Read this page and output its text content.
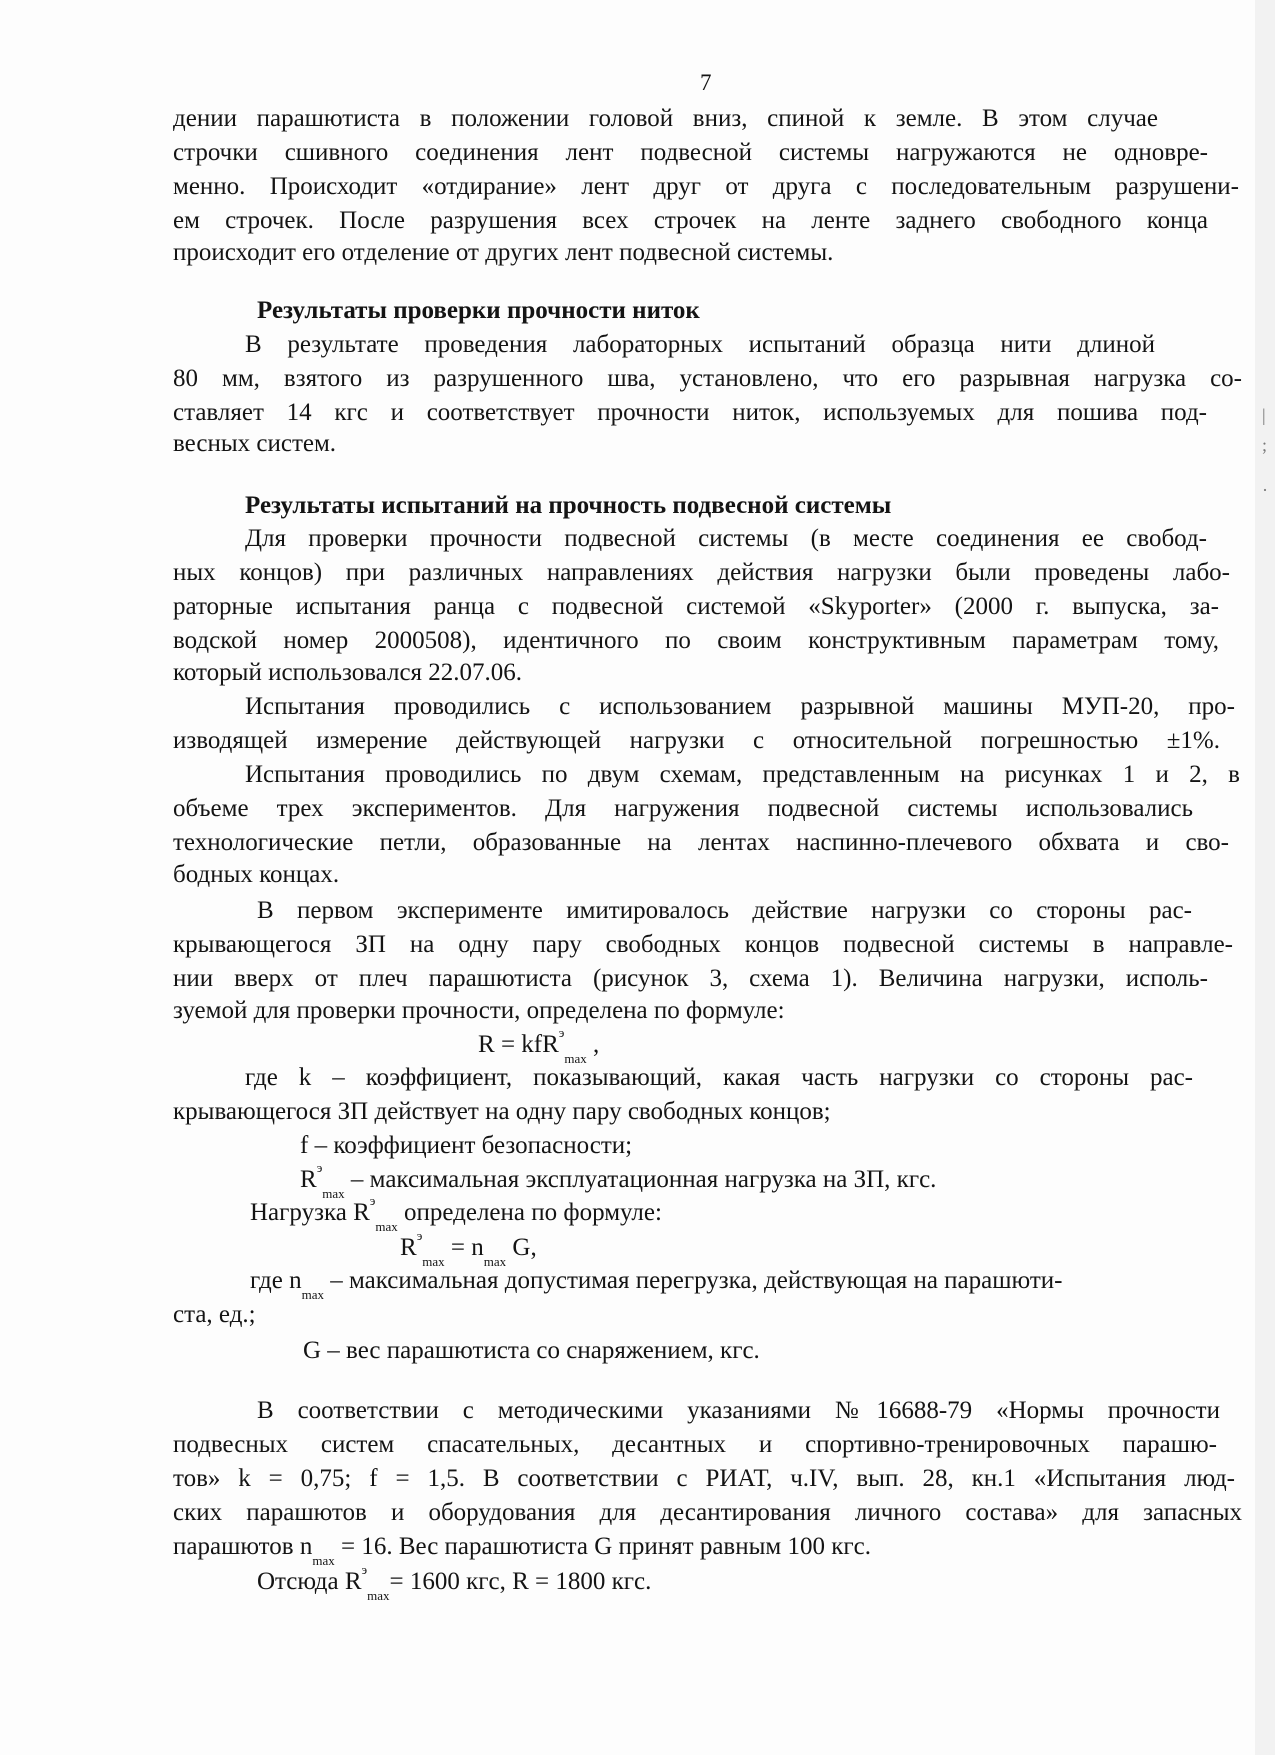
7
дении парашютиста в положении головой вниз, спиной к земле. В этом случае
строчки сшивного соединения лент подвесной системы нагружаются не одновре-
менно. Происходит «отдирание» лент друг от друга с последовательным разрушени-
ем строчек. После разрушения всех строчек на ленте заднего свободного конца
происходит его отделение от других лент подвесной системы.
Результаты проверки прочности ниток
В результате проведения лабораторных испытаний образца нити длиной
80 мм, взятого из разрушенного шва, установлено, что его разрывная нагрузка со-
ставляет 14 кгс и соответствует прочности ниток, используемых для пошива под-
весных систем.
Результаты испытаний на прочность подвесной системы
Для проверки прочности подвесной системы (в месте соединения ее свобод-
ных концов) при различных направлениях действия нагрузки были проведены лабо-
раторные испытания ранца с подвесной системой «Skyporter» (2000 г. выпуска, за-
водской номер 2000508), идентичного по своим конструктивным параметрам тому,
который использовался 22.07.06.
Испытания проводились с использованием разрывной машины МУП-20, про-
изводящей измерение действующей нагрузки с относительной погрешностью ±1%.
Испытания проводились по двум схемам, представленным на рисунках 1 и 2, в
объеме трех экспериментов. Для нагружения подвесной системы использовались
технологические петли, образованные на лентах наспинно-плечевого обхвата и сво-
бодных концах.
В первом эксперименте имитировалось действие нагрузки со стороны рас-
крывающегося ЗП на одну пару свободных концов подвесной системы в направле-
нии вверх от плеч парашютиста (рисунок 3, схема 1). Величина нагрузки, исполь-
зуемой для проверки прочности, определена по формуле:
R = kfR$^э_{max}$ ,
где k – коэффициент, показывающий, какая часть нагрузки со стороны рас-
крывающегося ЗП действует на одну пару свободных концов;
f – коэффициент безопасности;
$R^э_{max}$ – максимальная эксплуатационная нагрузка на ЗП, кгс.
Нагрузка $R^э_{max}$ определена по формуле:
$R^э_{max} = n_{max}$ G,
где $n_{max}$ – максимальная допустимая перегрузка, действующая на парашюти-
ста, ед.;
G – вес парашютиста со снаряжением, кгс.
В соответствии с методическими указаниями №16688-79 «Нормы прочности
подвесных систем спасательных, десантных и спортивно-тренировочных парашю-
тов» k = 0,75; f = 1,5. В соответствии с РИАТ, ч.IV, вып. 28, кн.1 «Испытания люд-
ских парашютов и оборудования для десантирования личного состава» для запасных
парашютов $n_{max} = 16$. Вес парашютиста G принят равным 100 кгс.
Отсюда $R^э_{max}= 1600$ кгс, R = 1800 кгс.
|
;
·
